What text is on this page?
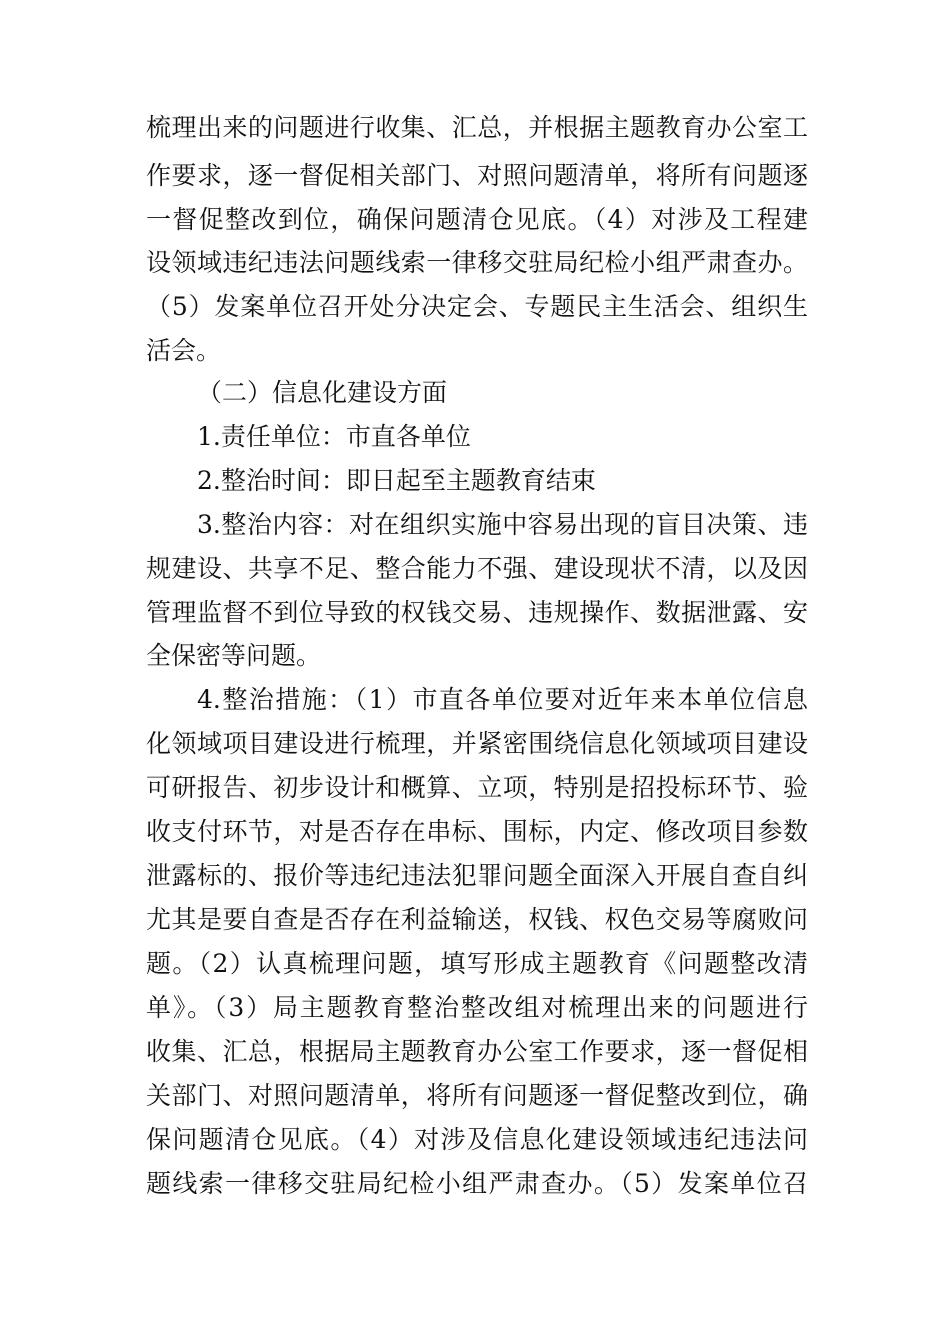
梳理出来的问题进行收集、汇总，并根据主题教育办公室工
作要求，逐一督促相关部门、对照问题清单，将所有问题逐
一督促整改到位，确保问题清仓见底。（4）对涉及工程建
设领域违纪违法问题线索一律移交驻局纪检小组严肃查办。
（5）发案单位召开处分决定会、专题民主生活会、组织生
活会。
（二）信息化建设方面
1.责任单位：市直各单位
2.整治时间：即日起至主题教育结束
3.整治内容：对在组织实施中容易出现的盲目决策、违
规建设、共享不足、整合能力不强、建设现状不清，以及因
管理监督不到位导致的权钱交易、违规操作、数据泄露、安
全保密等问题。
4.整治措施：（1）市直各单位要对近年来本单位信息
化领域项目建设进行梳理，并紧密围绕信息化领域项目建设
可研报告、初步设计和概算、立项，特别是招投标环节、验
收支付环节，对是否存在串标、围标，内定、修改项目参数
泄露标的、报价等违纪违法犯罪问题全面深入开展自查自纠
尤其是要自查是否存在利益输送，权钱、权色交易等腐败问
题。（2）认真梳理问题，填写形成主题教育《问题整改清
单》。（3）局主题教育整治整改组对梳理出来的问题进行
收集、汇总，根据局主题教育办公室工作要求，逐一督促相
关部门、对照问题清单，将所有问题逐一督促整改到位，确
保问题清仓见底。（4）对涉及信息化建设领域违纪违法问
题线索一律移交驻局纪检小组严肃查办。（5）发案单位召
